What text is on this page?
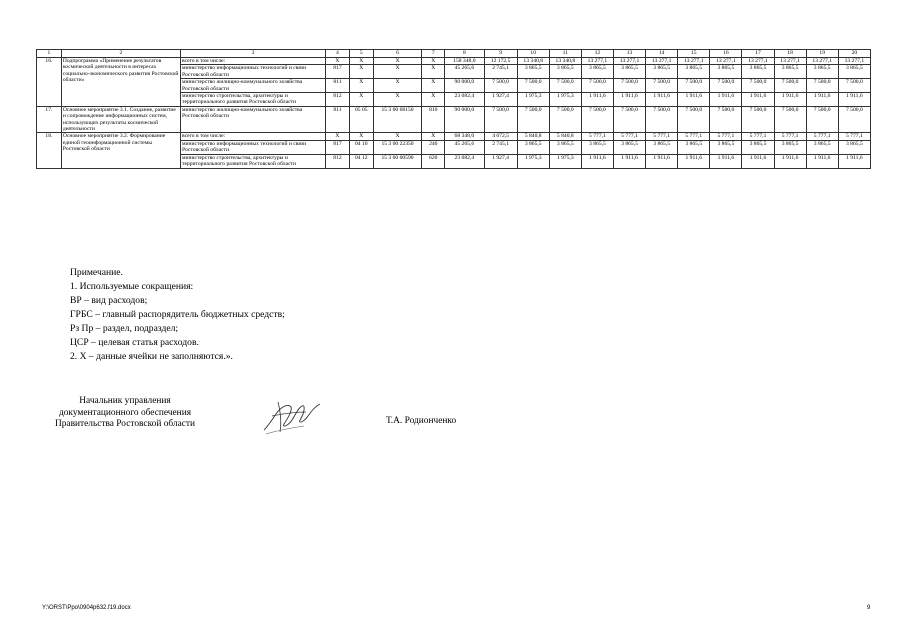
1	2	3	4	5	6	7	8	9	10	11	12	13	14	15	16	17	18	19	20
16.	Подпрограмма «Применение результатов космической деятельности в интересах социально-экономического развития Ростовской области»	всего в том числе:	X	X	X	X	158 348,0	12 172,5	13 340,8	13 340,8	13 277,1	13 277,1	13 277,1	13 277,1	13 277,1	13 277,1	13 277,1	13 277,1	13 277,1
		министерство информационных технологий и связи Ростовской области	817	X	X	X	45 265,6	2 745,1	3 865,5	3 865,5	3 865,5	3 865,5	3 865,5	3 865,5	3 865,5	3 865,5	3 865,5	3 865,5	3 865,5
		министерство жилищно-коммунального хозяйства Ростовской области	811	X	X	X	90 000,0	7 500,0	7 500,0	7 500,0	7 500,0	7 500,0	7 500,0	7 500,0	7 500,0	7 500,0	7 500,0	7 500,0	7 500,0
		министерство строительства, архитектуры и территориального развития Ростовской области	812	X	X	X	23 082,4	1 927,4	1 975,3	1 975,3	1 911,6	1 911,6	1 911,6	1 911,6	1 911,6	1 911,6	1 911,6	1 911,6	1 911,6
17.	Основное мероприятие 3.1. Создание, развитие и сопровождение информационных систем, использующих результаты космической деятельности	министерство жилищно-коммунального хозяйства Ростовской области	811	05 05	15 3 00 68150	810	90 000,0	7 500,0	7 500,0	7 500,0	7 500,0	7 500,0	7 500,0	7 500,0	7 500,0	7 500,0	7 500,0	7 500,0	7 500,0
18.	Основное мероприятие 3.2. Формирование единой геоинформационной системы Ростовской области	всего в том числе:	X	X	X	X	68 348,0	4 672,5	5 840,8	5 840,8	5 777,1	5 777,1	5 777,1	5 777,1	5 777,1	5 777,1	5 777,1	5 777,1	5 777,1
		министерство информационных технологий и связи Ростовской области	817	04 10	15 3 00 22350	240	45 265,6	2 745,1	3 865,5	3 865,5	3 865,5	3 865,5	3 865,5	3 865,5	3 865,5	3 865,5	3 865,5	3 865,5	3 865,5
		министерство строительства, архитектуры и территориального развития Ростовской области	812	04 12	15 3 00 00590	620	23 082,4	1 927,4	1 975,3	1 975,3	1 911,6	1 911,6	1 911,6	1 911,6	1 911,6	1 911,6	1 911,6	1 911,6	1 911,6
Примечание.
1. Используемые сокращения:
ВР – вид расходов;
ГРБС – главный распорядитель бюджетных средств;
Рз Пр – раздел, подраздел;
ЦСР – целевая статья расходов.
2. Х – данные ячейки не заполняются.».
Начальник управления
документационного обеспечения
Правительства Ростовской области	Т.А. Родионченко
Y:\ORST\Ppo\0904p632.f19.docx	9
